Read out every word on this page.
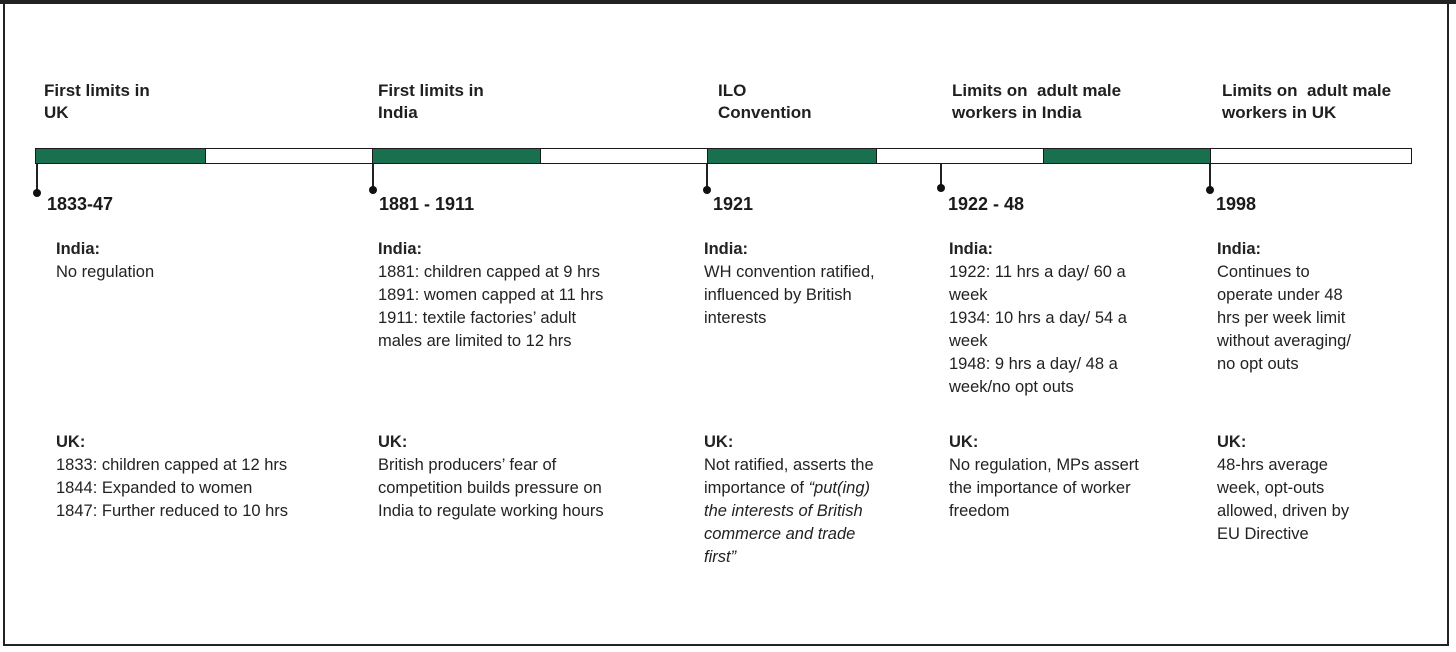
First limits in
UK
First limits in
India
ILO
Convention
Limits on  adult male
workers in India
Limits on  adult male
workers in UK
1833-47	1881 - 1911	1921	1922 - 48	1998
India:
No regulation
India:
1881: children capped at 9 hrs
1891: women capped at 11 hrs
1911: textile factories’ adult
males are limited to 12 hrs
India:
WH convention ratified,
influenced by British
interests
India:
1922: 11 hrs a day/ 60 a
week
1934: 10 hrs a day/ 54 a
week
1948: 9 hrs a day/ 48 a
week/no opt outs
India:
Continues to
operate under 48
hrs per week limit
without averaging/
no opt outs
UK:
1833: children capped at 12 hrs
1844: Expanded to women
1847: Further reduced to 10 hrs
UK:
British producers’ fear of
competition builds pressure on
India to regulate working hours
UK:
Not ratified, asserts the
importance of “put(ing)
the interests of British
commerce and trade
first”
UK:
No regulation, MPs assert
the importance of worker
freedom
UK:
48-hrs average
week, opt-outs
allowed, driven by
EU Directive
